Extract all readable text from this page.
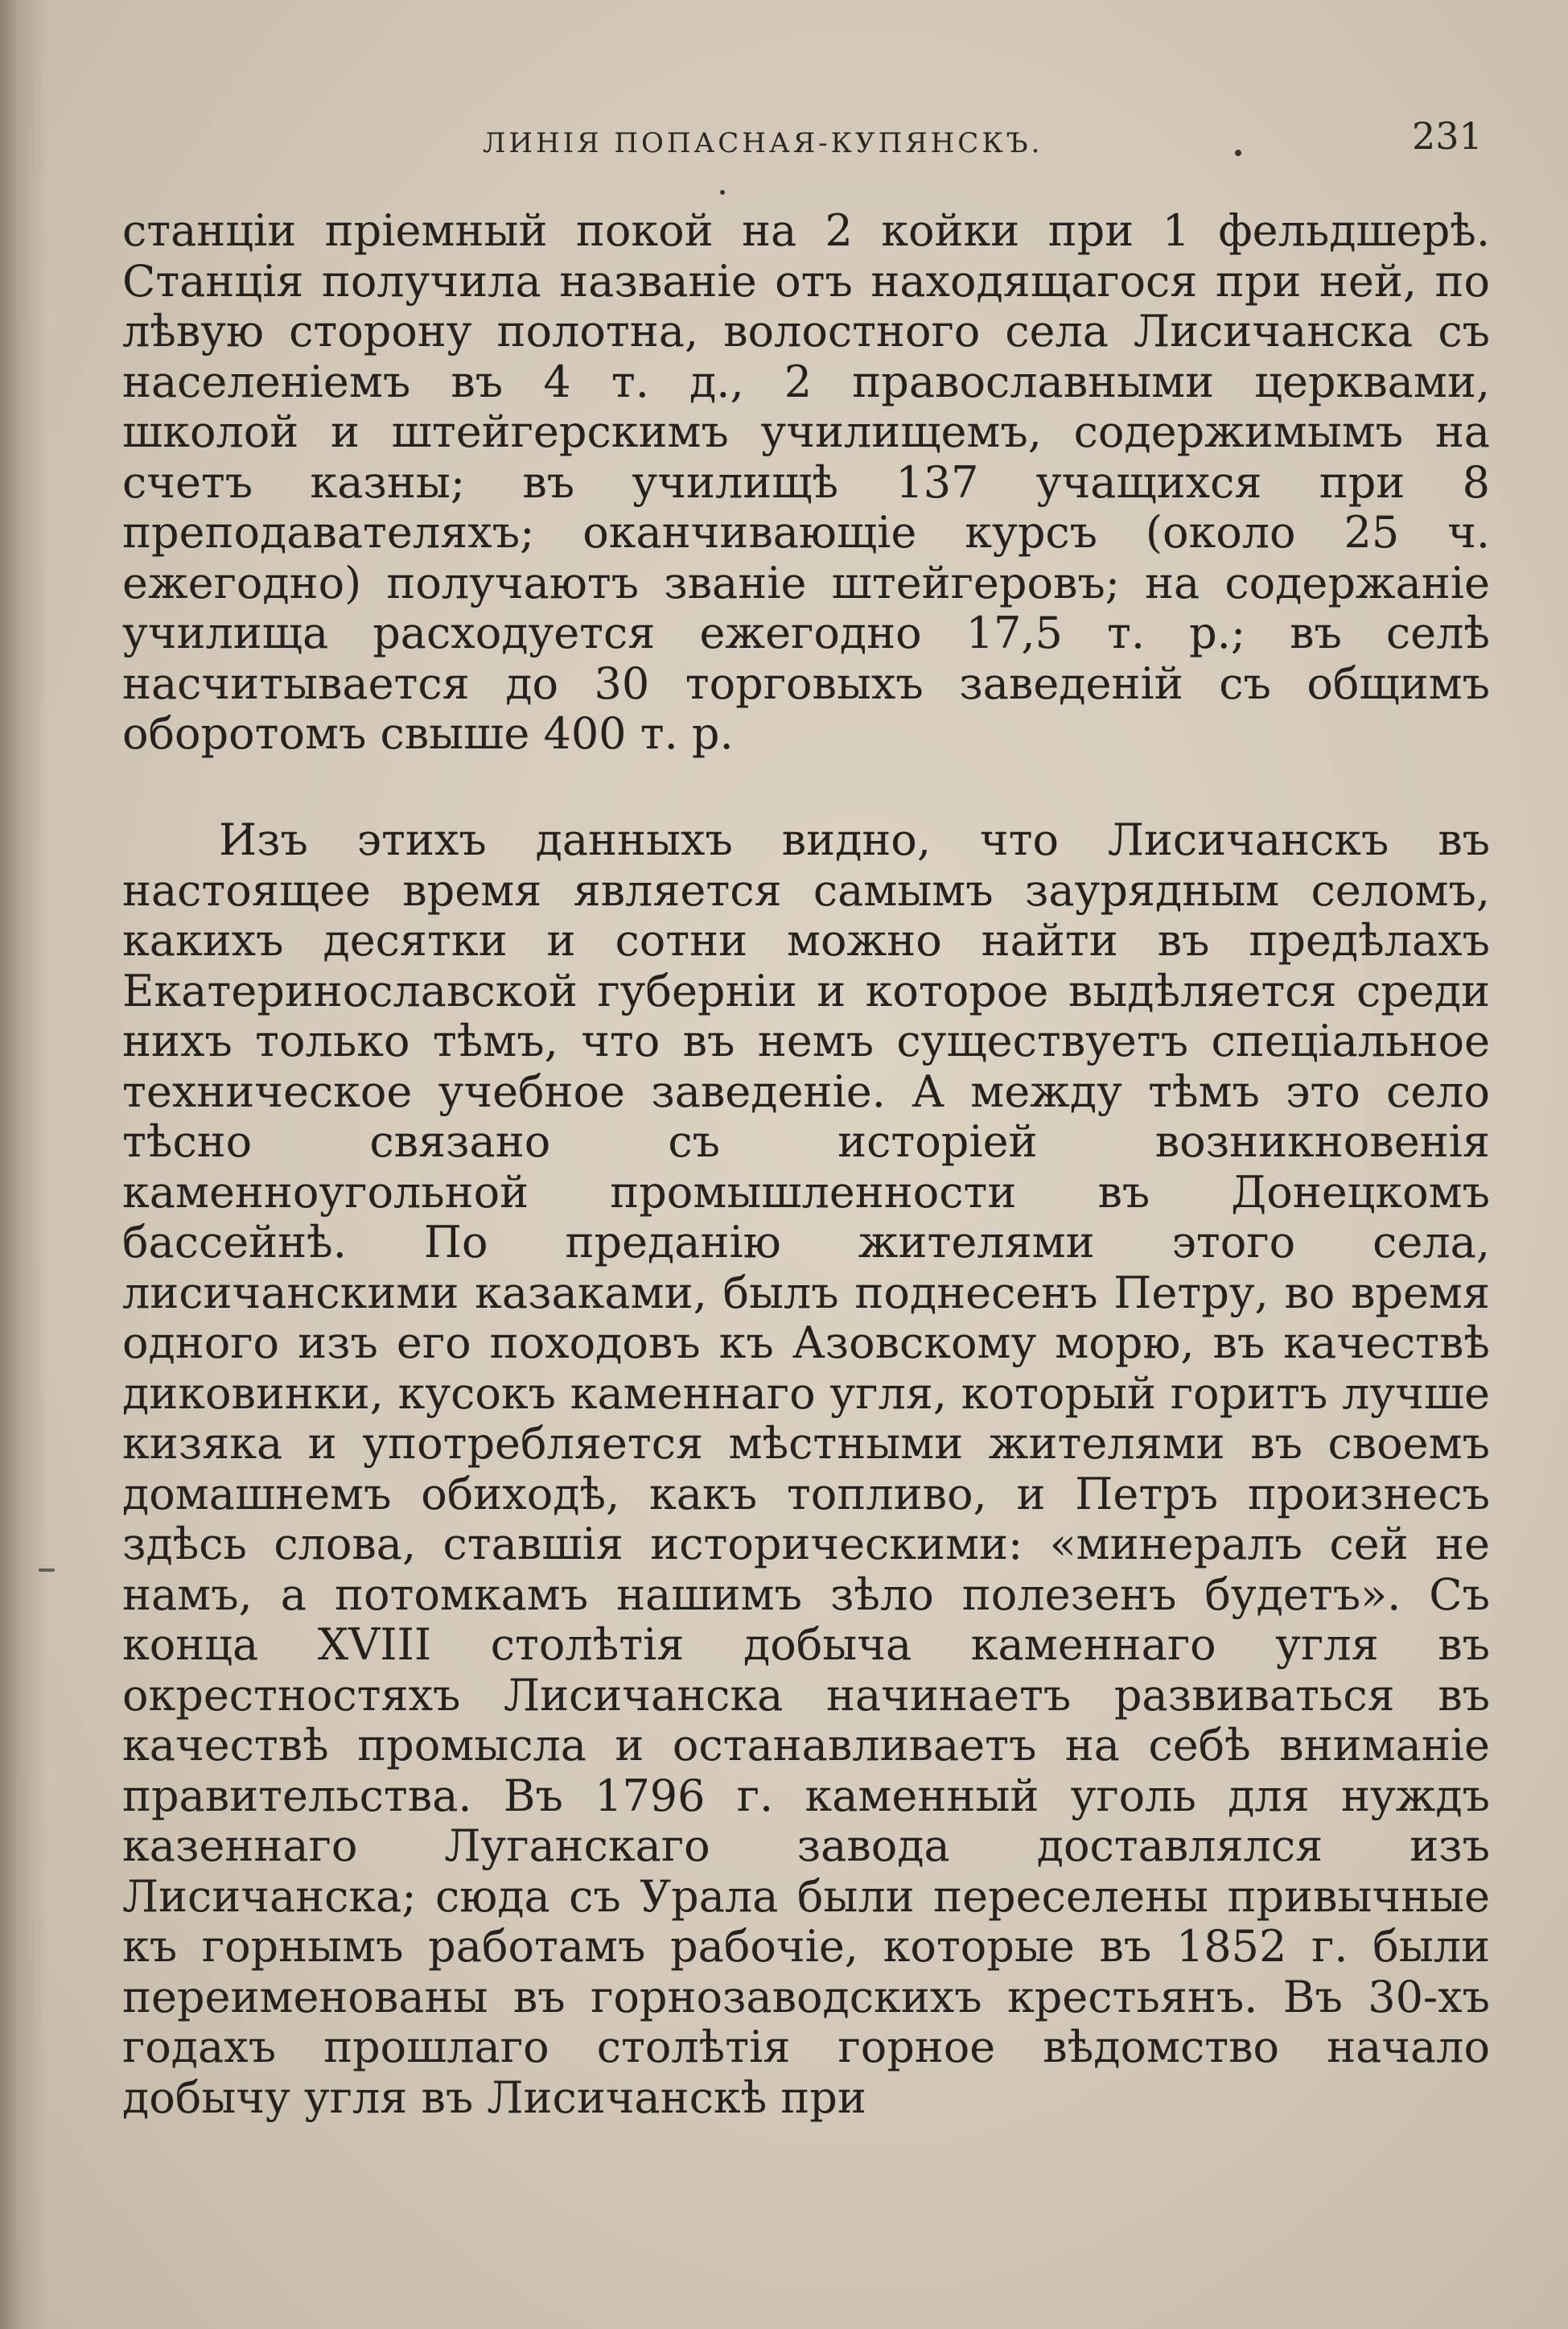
ЛИНІЯ ПОПАСНАЯ-КУПЯНСКЪ.	231
станціи пріемный покой на 2 койки при 1 фельдшерѣ. Станція получила названіе отъ находящагося при ней, по лѣвую сторону полотна, волостного села Лисичанска съ населеніемъ въ 4 т. д., 2 православными церквами, школой и штейгерскимъ училищемъ, содержимымъ на счетъ казны; въ училищѣ 137 учащихся при 8 преподавателяхъ; оканчивающіе курсъ (около 25 ч. ежегодно) получаютъ званіе штейгеровъ; на содержаніе училища расходуется ежегодно 17,5 т. р.; въ селѣ насчитывается до 30 торговыхъ заведеній съ общимъ оборотомъ свыше 400 т. р.
Изъ этихъ данныхъ видно, что Лисичанскъ въ настоящее время является самымъ заурядным селомъ, какихъ десятки и сотни можно найти въ предѣлахъ Екатеринославской губерніи и которое выдѣляется среди нихъ только тѣмъ, что въ немъ существуетъ спеціальное техническое учебное заведеніе. А между тѣмъ это село тѣсно связано съ исторіей возникновенія каменноугольной промышленности въ Донецкомъ бассейнѣ. По преданію жителями этого села, лисичанскими казаками, былъ поднесенъ Петру, во время одного изъ его походовъ къ Азовскому морю, въ качествѣ диковинки, кусокъ каменнаго угля, который горитъ лучше кизяка и употребляется мѣстными жителями въ своемъ домашнемъ обиходѣ, какъ топливо, и Петръ произнесъ здѣсь слова, ставшія историческими: «минералъ сей не намъ, а потомкамъ нашимъ зѣло полезенъ будетъ». Съ конца XVIII столѣтія добыча каменнаго угля въ окрестностяхъ Лисичанска начинаетъ развиваться въ качествѣ промысла и останавливаетъ на себѣ вниманіе правительства. Въ 1796 г. каменный уголь для нуждъ казеннаго Луганскаго завода доставлялся изъ Лисичанска; сюда съ Урала были переселены привычные къ горнымъ работамъ рабочіе, которые въ 1852 г. были переименованы въ горнозаводскихъ крестьянъ. Въ 30-хъ годахъ прошлаго столѣтія горное вѣдомство начало добычу угля въ Лисичанскѣ при
